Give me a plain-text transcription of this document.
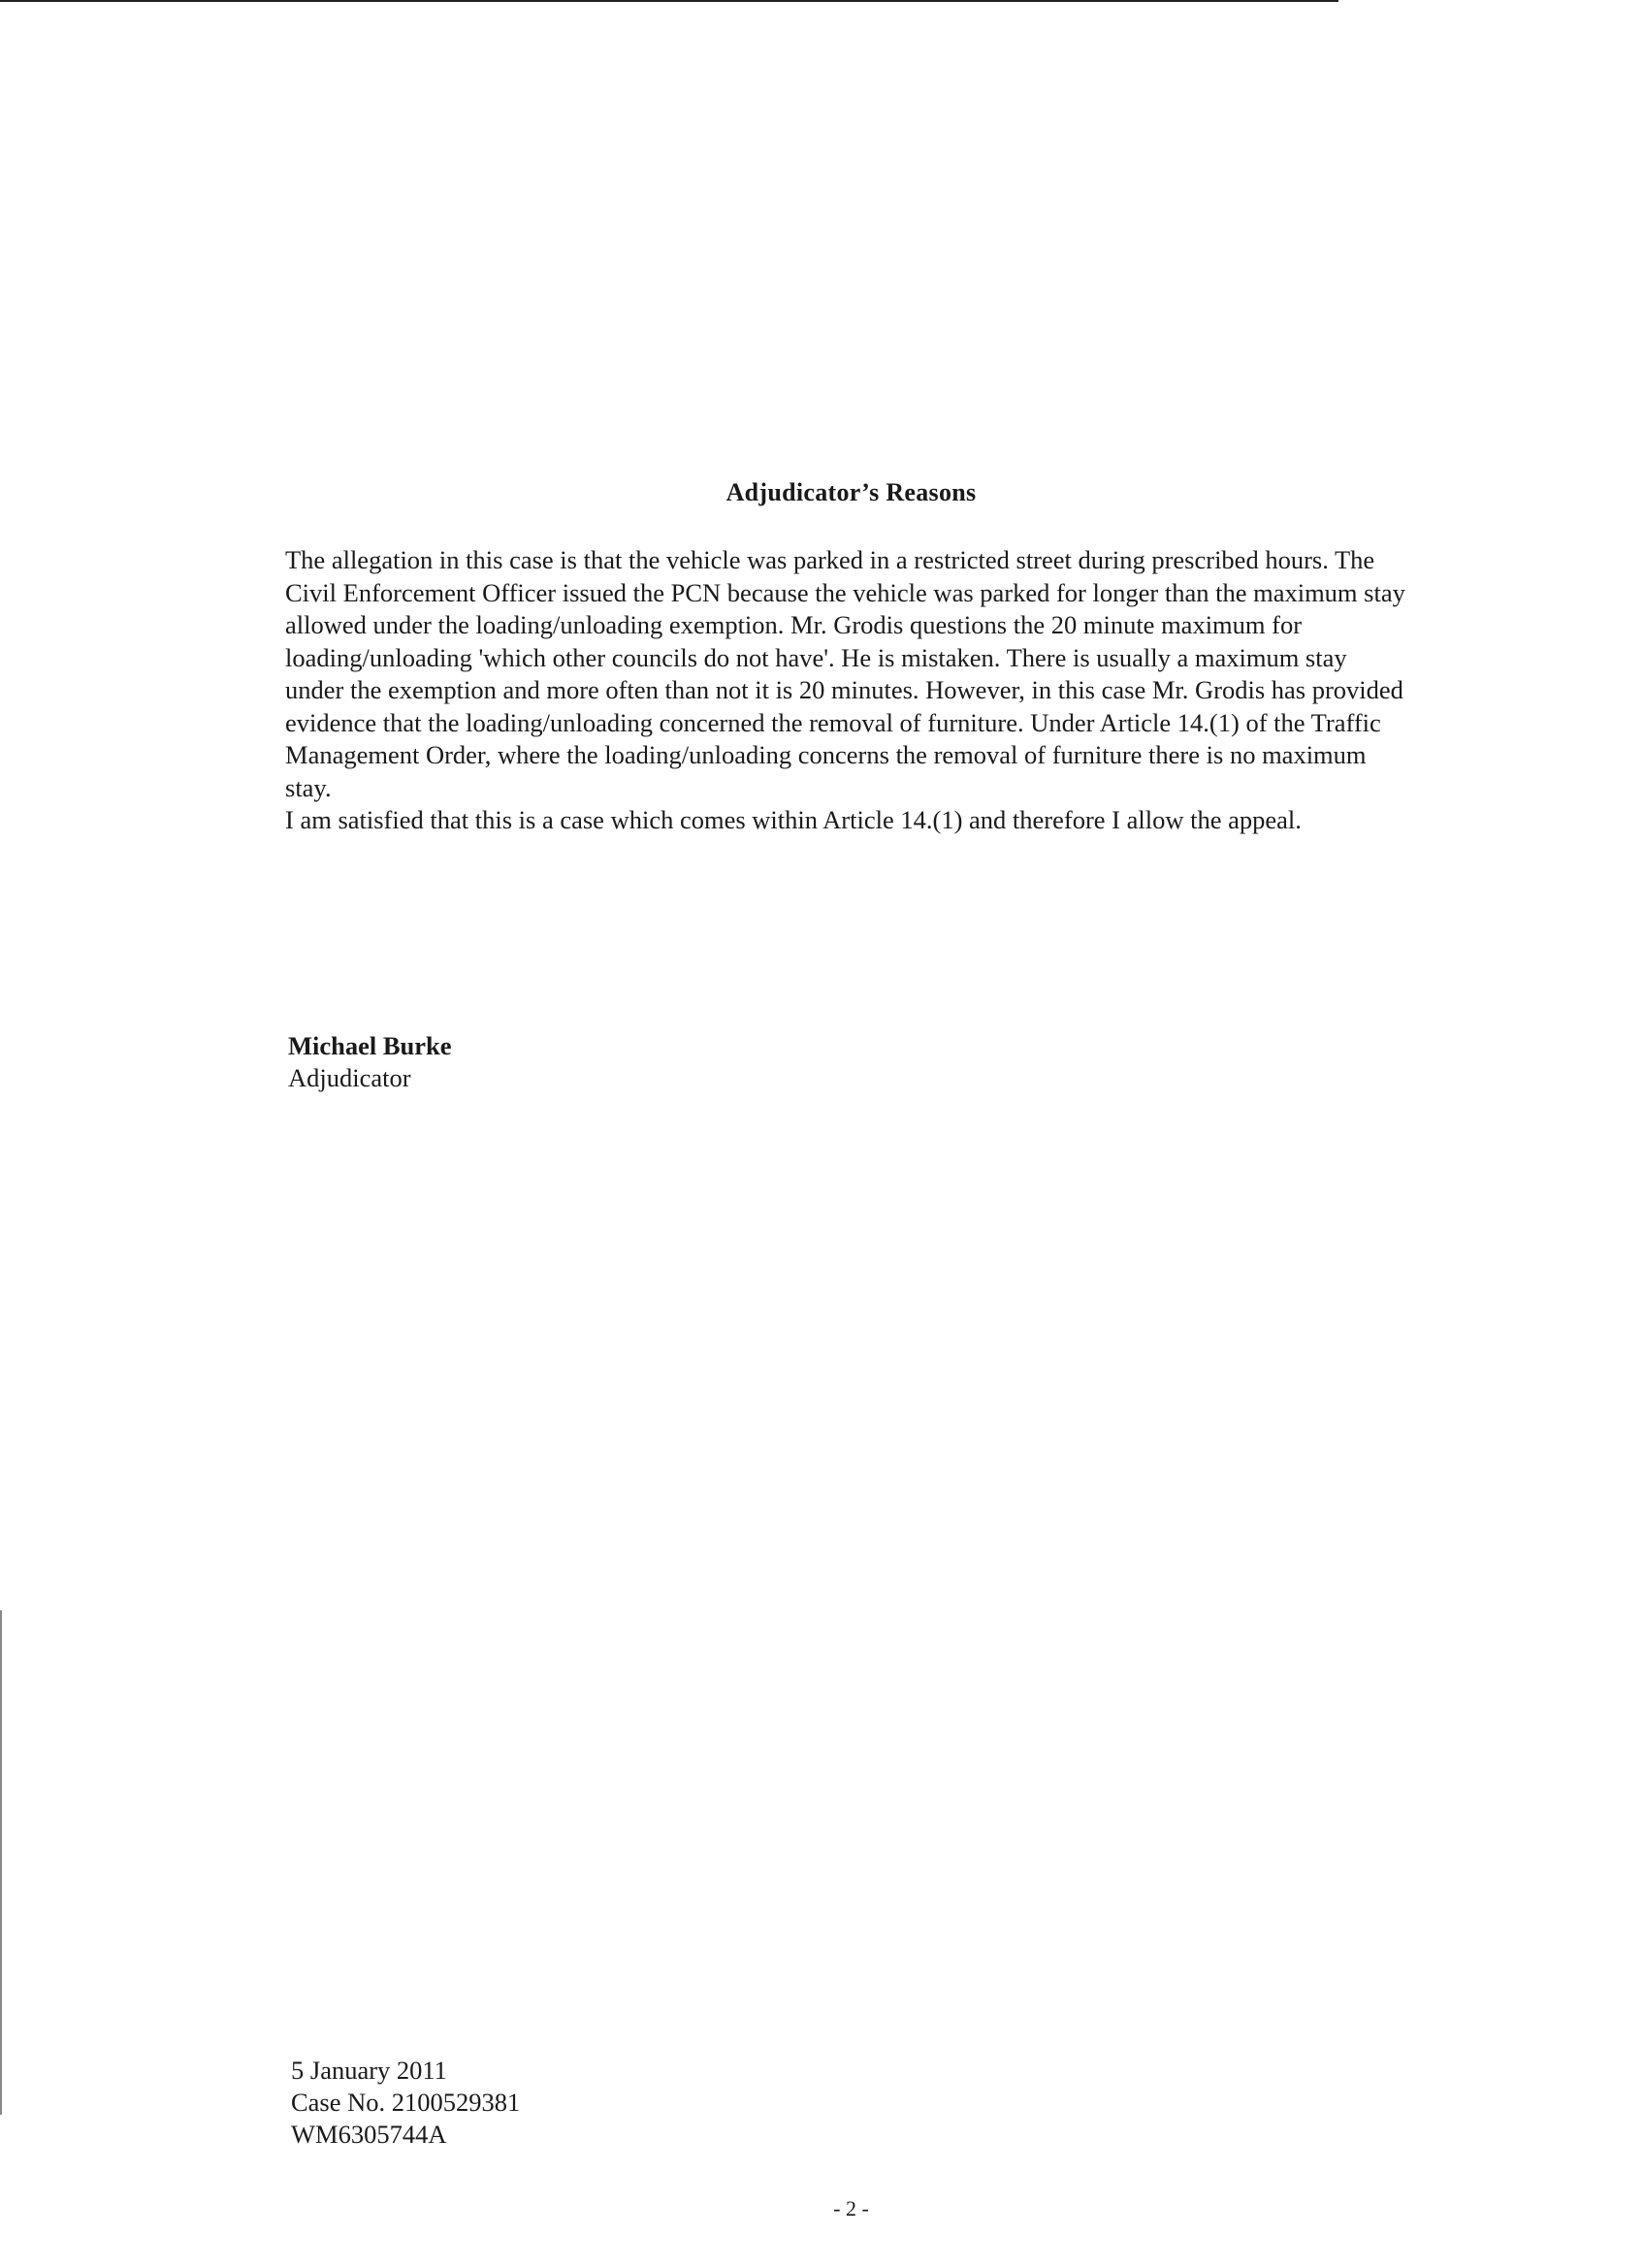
Adjudicator’s Reasons

The allegation in this case is that the vehicle was parked in a restricted street during prescribed hours. The Civil Enforcement Officer issued the PCN because the vehicle was parked for longer than the maximum stay allowed under the loading/unloading exemption. Mr. Grodis questions the 20 minute maximum for loading/unloading 'which other councils do not have'. He is mistaken. There is usually a maximum stay under the exemption and more often than not it is 20 minutes. However, in this case Mr. Grodis has provided evidence that the loading/unloading concerned the removal of furniture. Under Article 14.(1) of the Traffic Management Order, where the loading/unloading concerns the removal of furniture there is no maximum stay.

I am satisfied that this is a case which comes within Article 14.(1) and therefore I allow the appeal.

Michael Burke
Adjudicator
5 January 2011
Case No. 2100529381
WM6305744A
- 2 -
